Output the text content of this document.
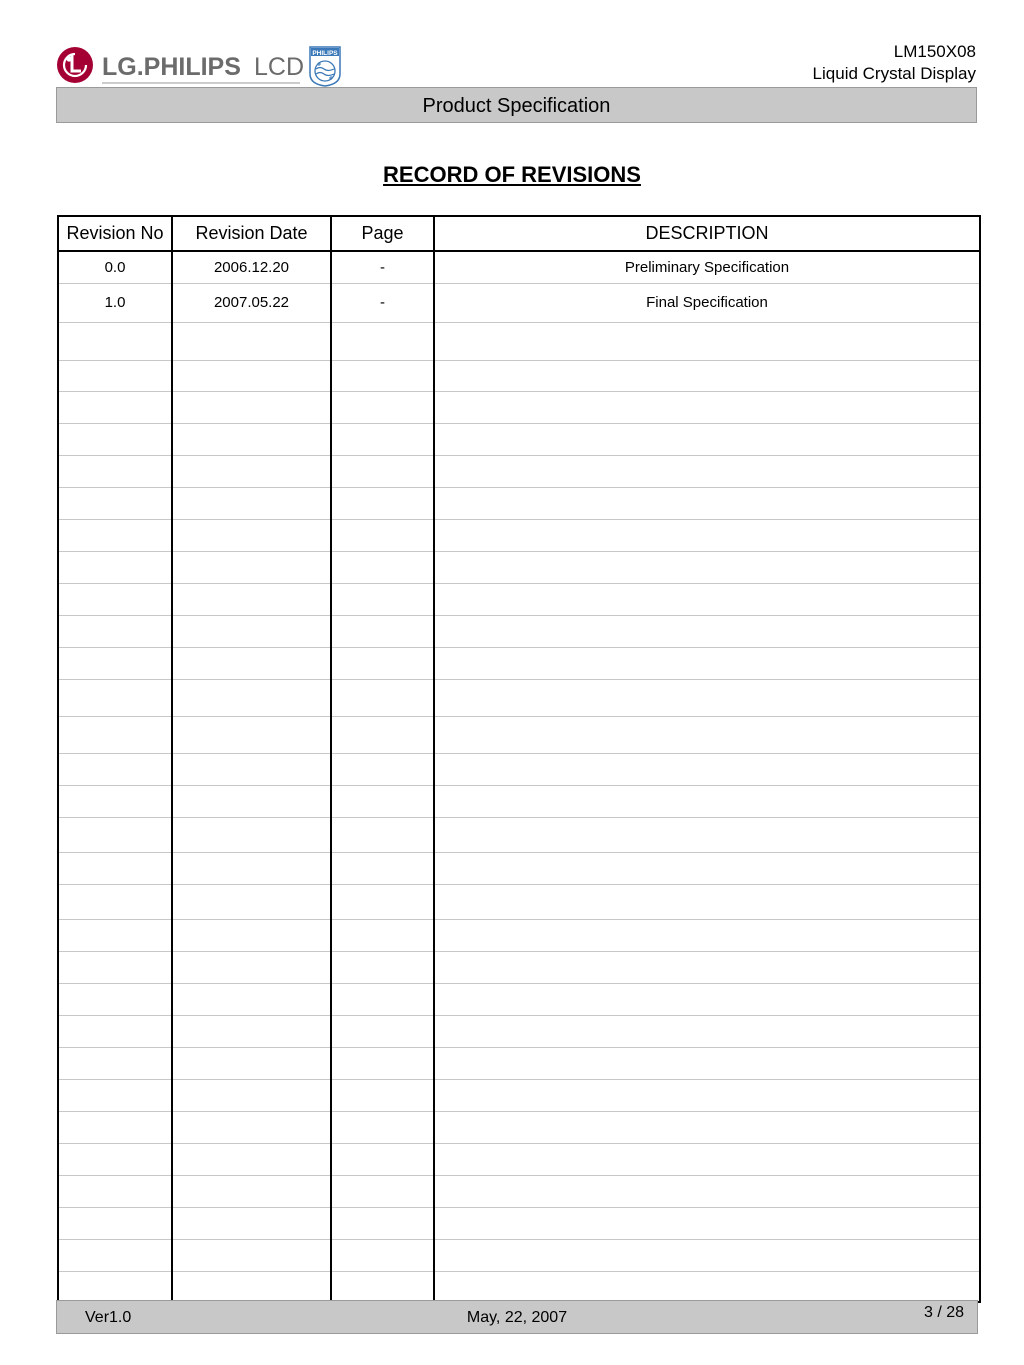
LG.PHILIPS LCD PHILIPS	LM150X08
Liquid Crystal Display
Product Specification
RECORD OF REVISIONS
Revision No	Revision Date	Page	DESCRIPTION
0.0	2006.12.20	-	Preliminary Specification
1.0	2007.05.22	-	Final Specification

Ver1.0	May, 22, 2007	3 / 28
